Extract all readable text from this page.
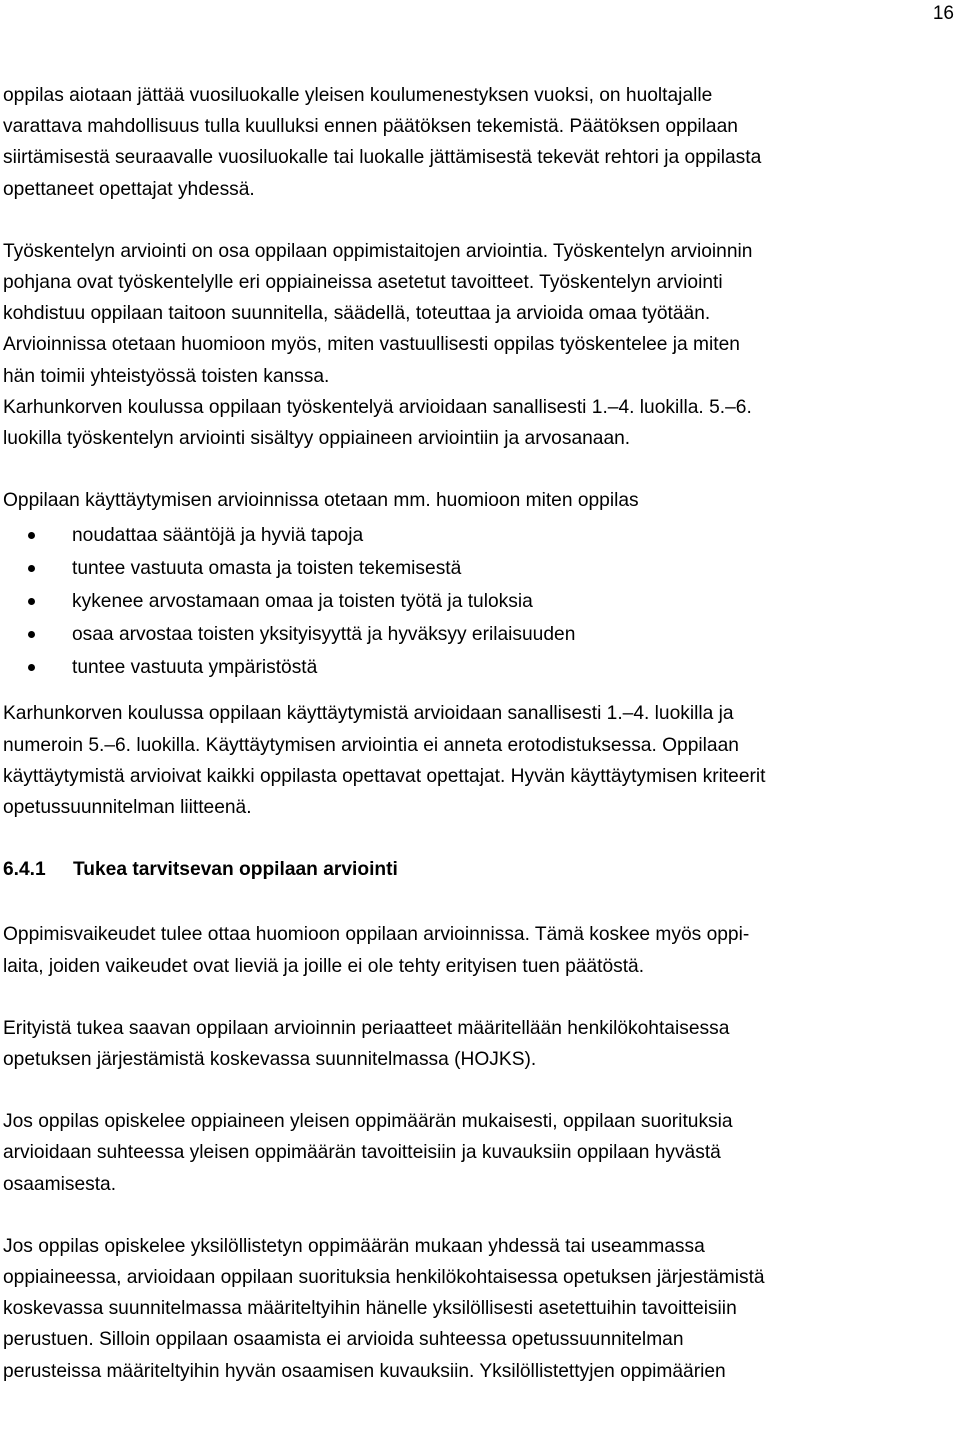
16

oppilas aiotaan jättää vuosiluokalle yleisen koulumenestyksen vuoksi, on huoltajalle
varattava mahdollisuus tulla kuulluksi ennen päätöksen tekemistä. Päätöksen oppilaan
siirtämisestä seuraavalle vuosiluokalle tai luokalle jättämisestä tekevät rehtori ja oppilasta
opettaneet opettajat yhdessä.

Työskentelyn arviointi on osa oppilaan oppimistaitojen arviointia. Työskentelyn arvioinnin
pohjana ovat työskentelylle eri oppiaineissa asetetut tavoitteet. Työskentelyn arviointi
kohdistuu oppilaan taitoon suunnitella, säädellä, toteuttaa ja arvioida omaa työtään.
Arvioinnissa otetaan huomioon myös, miten vastuullisesti oppilas työskentelee ja miten
hän toimii yhteistyössä toisten kanssa.
Karhunkorven koulussa oppilaan työskentelyä arvioidaan sanallisesti 1.–4. luokilla. 5.–6.
luokilla työskentelyn arviointi sisältyy oppiaineen arviointiin ja arvosanaan.

Oppilaan käyttäytymisen arvioinnissa otetaan mm. huomioon miten oppilas

noudattaa sääntöjä ja hyviä tapoja
tuntee vastuuta omasta ja toisten tekemisestä
kykenee arvostamaan omaa ja toisten työtä ja tuloksia
osaa arvostaa toisten yksityisyyttä ja hyväksyy erilaisuuden
tuntee vastuuta ympäristöstä

Karhunkorven koulussa oppilaan käyttäytymistä arvioidaan sanallisesti 1.–4. luokilla ja
numeroin 5.–6. luokilla. Käyttäytymisen arviointia ei anneta erotodistuksessa. Oppilaan
käyttäytymistä arvioivat kaikki oppilasta opettavat opettajat. Hyvän käyttäytymisen kriteerit
opetussuunnitelman liitteenä.

6.4.1 Tukea tarvitsevan oppilaan arviointi

Oppimisvaikeudet tulee ottaa huomioon oppilaan arvioinnissa. Tämä koskee myös oppi-
laita, joiden vaikeudet ovat lieviä ja joille ei ole tehty erityisen tuen päätöstä.

Erityistä tukea saavan oppilaan arvioinnin periaatteet määritellään henkilökohtaisessa
opetuksen järjestämistä koskevassa suunnitelmassa (HOJKS).

Jos oppilas opiskelee oppiaineen yleisen oppimäärän mukaisesti, oppilaan suorituksia
arvioidaan suhteessa yleisen oppimäärän tavoitteisiin ja kuvauksiin oppilaan hyvästä
osaamisesta.

Jos oppilas opiskelee yksilöllistetyn oppimäärän mukaan yhdessä tai useammassa
oppiaineessa, arvioidaan oppilaan suorituksia henkilökohtaisessa opetuksen järjestämistä
koskevassa suunnitelmassa määriteltyihin hänelle yksilöllisesti asetettuihin tavoitteisiin
perustuen. Silloin oppilaan osaamista ei arvioida suhteessa opetussuunnitelman
perusteissa määriteltyihin hyvän osaamisen kuvauksiin. Yksilöllistettyjen oppimäärien
